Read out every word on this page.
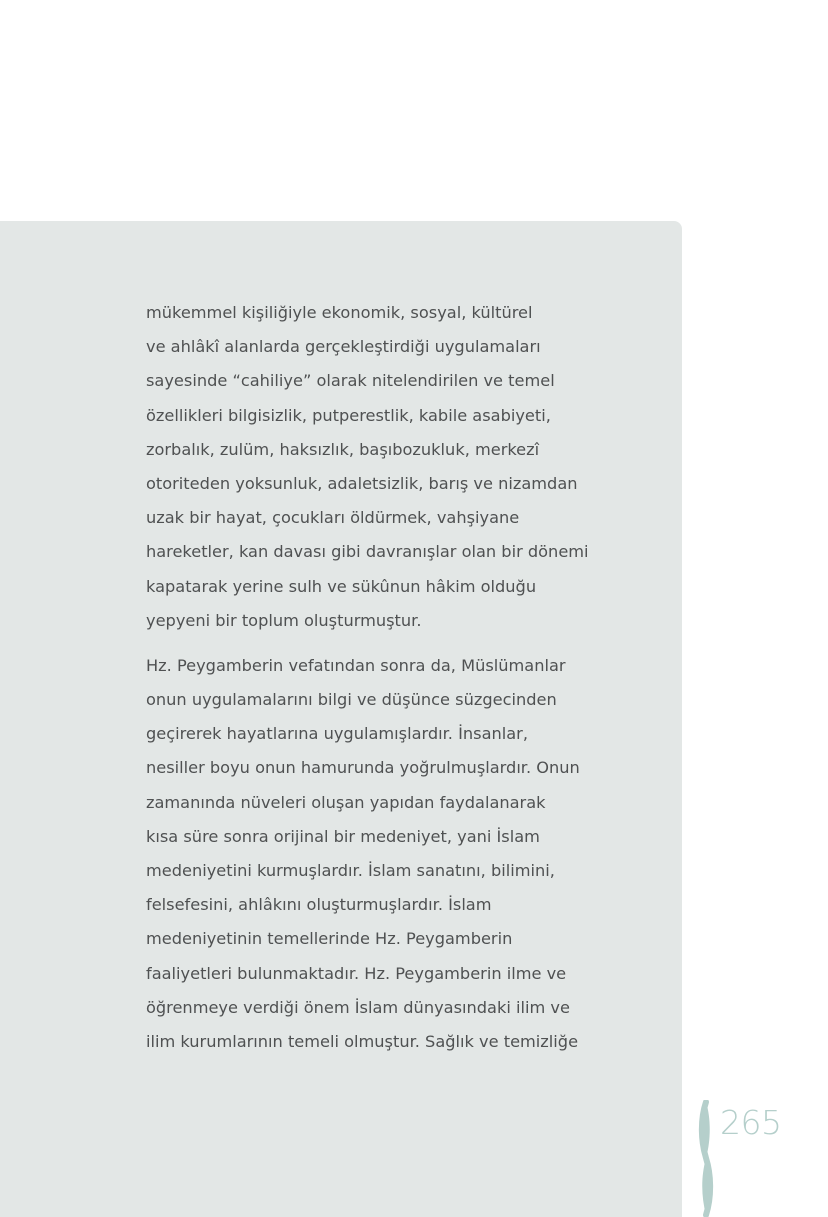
mükemmel kişiliğiyle ekonomik, sosyal, kültürel
ve ahlâkî alanlarda gerçekleştirdiği uygulamaları
sayesinde “cahiliye” olarak nitelendirilen ve temel
özellikleri bilgisizlik, putperestlik, kabile asabiyeti,
zorbalık, zulüm, haksızlık, başıbozukluk, merkezî
otoriteden yoksunluk, adaletsizlik, barış ve nizamdan
uzak bir hayat, çocukları öldürmek, vahşiyane
hareketler, kan davası gibi davranışlar olan bir dönemi
kapatarak yerine sulh ve sükûnun hâkim olduğu
yepyeni bir toplum oluşturmuştur.

Hz. Peygamberin vefatından sonra da, Müslümanlar
onun uygulamalarını bilgi ve düşünce süzgecinden
geçirerek hayatlarına uygulamışlardır. İnsanlar,
nesiller boyu onun hamurunda yoğrulmuşlardır. Onun
zamanında nüveleri oluşan yapıdan faydalanarak
kısa süre sonra orijinal bir medeniyet, yani İslam
medeniyetini kurmuşlardır. İslam sanatını, bilimini,
felsefesini, ahlâkını oluşturmuşlardır. İslam
medeniyetinin temellerinde Hz. Peygamberin
faaliyetleri bulunmaktadır. Hz. Peygamberin ilme ve
öğrenmeye verdiği önem İslam dünyasındaki ilim ve
ilim kurumlarının temeli olmuştur. Sağlık ve temizliğe

265
